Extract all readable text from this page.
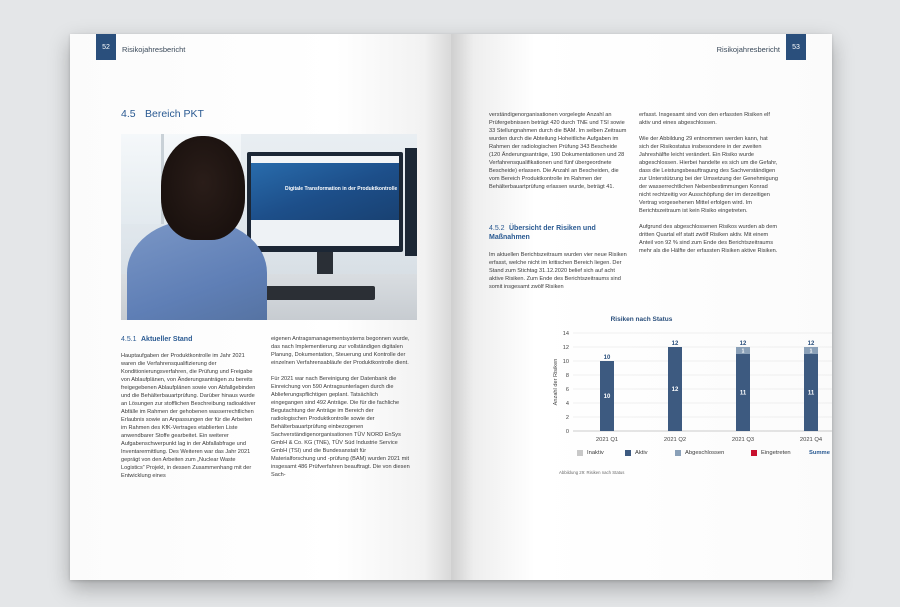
52	Risikojahresbericht
4.5 Bereich PKT
Digitale Transformation in der Produktkontrolle
4.5.1 Aktueller Stand

Hauptaufgaben der Produktkontrolle im Jahr 2021 waren die Verfahrensqualifizierung der Konditionierungsverfahren, die Prüfung und Freigabe von Ablaufplänen, von Änderungsanträgen zu bereits freigegebenen Ablaufplänen sowie von Abfallgebinden und die Behälterbauartprüfung. Darüber hinaus wurde an Lösungen zur stofflichen Beschreibung radioaktiver Abfälle im Rahmen der gehobenen wasserrechtlichen Erlaubnis sowie an Anpassungen der für die Arbeiten im Rahmen des KfK-Vertrages etablierten Liste anwendbarer Stoffe gearbeitet. Ein weiterer Aufgabenschwerpunkt lag in der Abfallabfrage und Inventarermittlung. Des Weiteren war das Jahr 2021 geprägt von den Arbeiten zum „Nuclear Waste Logistics“ Projekt, in dessen Zusammenhang mit der Entwicklung eines

eigenen Antragsmanagementsystems begonnen wurde, das nach Implementierung zur vollständigen digitalen Planung, Dokumentation, Steuerung und Kontrolle der einzelnen Verfahrensabläufe der Produktkontrolle dient.

Für 2021 war nach Bereinigung der Datenbank die Einreichung von 590 Antragsunterlagen durch die Ablieferungspflichtigen geplant. Tatsächlich eingegangen sind 492 Anträge. Die für die fachliche Begutachtung der Anträge im Bereich der radiologischen Produktkontrolle sowie der Behälterbauartprüfung einbezogenen Sachverständigenorganisationen TÜV NORD EnSys GmbH & Co. KG (TNE), TÜV Süd Industrie Service GmbH (TSI) und die Bundesanstalt für Materialforschung und -prüfung (BAM) wurden 2021 mit insgesamt 486 Prüfverfahren beauftragt. Die von diesen Sach-

53
Risikojahresbericht

verständigenorganisationen vorgelegte Anzahl an Prüfergebnissen beträgt 420 durch TNE und TSI sowie 33 Stellungnahmen durch die BAM. Im selben Zeitraum wurden durch die Abteilung Hoheitliche Aufgaben im Rahmen der radiologischen Prüfung 343 Bescheide (120 Änderungsanträge, 190 Dokumentationen und 28 Verfahrensqualifikationen und fünf übergeordnete Bescheide) erlassen. Die Anzahl an Bescheiden, die vom Bereich Produktkontrolle im Rahmen der Behälterbauartprüfung erlassen wurde, beträgt 41.

4.5.2 Übersicht der Risiken und Maßnahmen

Im aktuellen Berichtszeitraum wurden vier neue Risiken erfasst, welche nicht im kritischen Bereich liegen. Der Stand zum Stichtag 31.12.2020 belief sich auf acht aktive Risiken. Zum Ende des Berichtszeitraums sind somit insgesamt zwölf Risiken

erfasst. Insgesamt sind von den erfassten Risiken elf aktiv und eines abgeschlossen.

Wie der Abbildung 29 entnommen werden kann, hat sich der Risikostatus insbesondere in der zweiten Jahreshälfte leicht verändert. Ein Risiko wurde abgeschlossen. Hierbei handelte es sich um die Gefahr, dass die Leistungsbeauftragung des Sachverständigen zur Unterstützung bei der Umsetzung der Genehmigung der wasserrechtlichen Nebenbestimmungen Konrad nicht rechtzeitig vor Ausschöpfung der im derzeitigen Vertrag vorgesehenen Mittel erfolgen wird. Im Berichtszeitraum ist kein Risiko eingetreten.

Aufgrund des abgeschlossenen Risikos wurden ab dem dritten Quartal elf statt zwölf Risiken aktiv. Mit einem Anteil von 92 % sind zum Ende des Berichtszeitraums mehr als die Hälfte der erfassten Risiken aktive Risiken.

Risiken nach Status
0
2
4
6
8
10
12
14
Anzahl der Risiken	10
10
2021 Q1
12
12
2021 Q2
11
1
12
2021 Q3
11
1
12
2021 Q4
Inaktiv	Aktiv	Abgeschlossen	Eingetreten	Summe
Abbildung 29: Risiken nach Status
